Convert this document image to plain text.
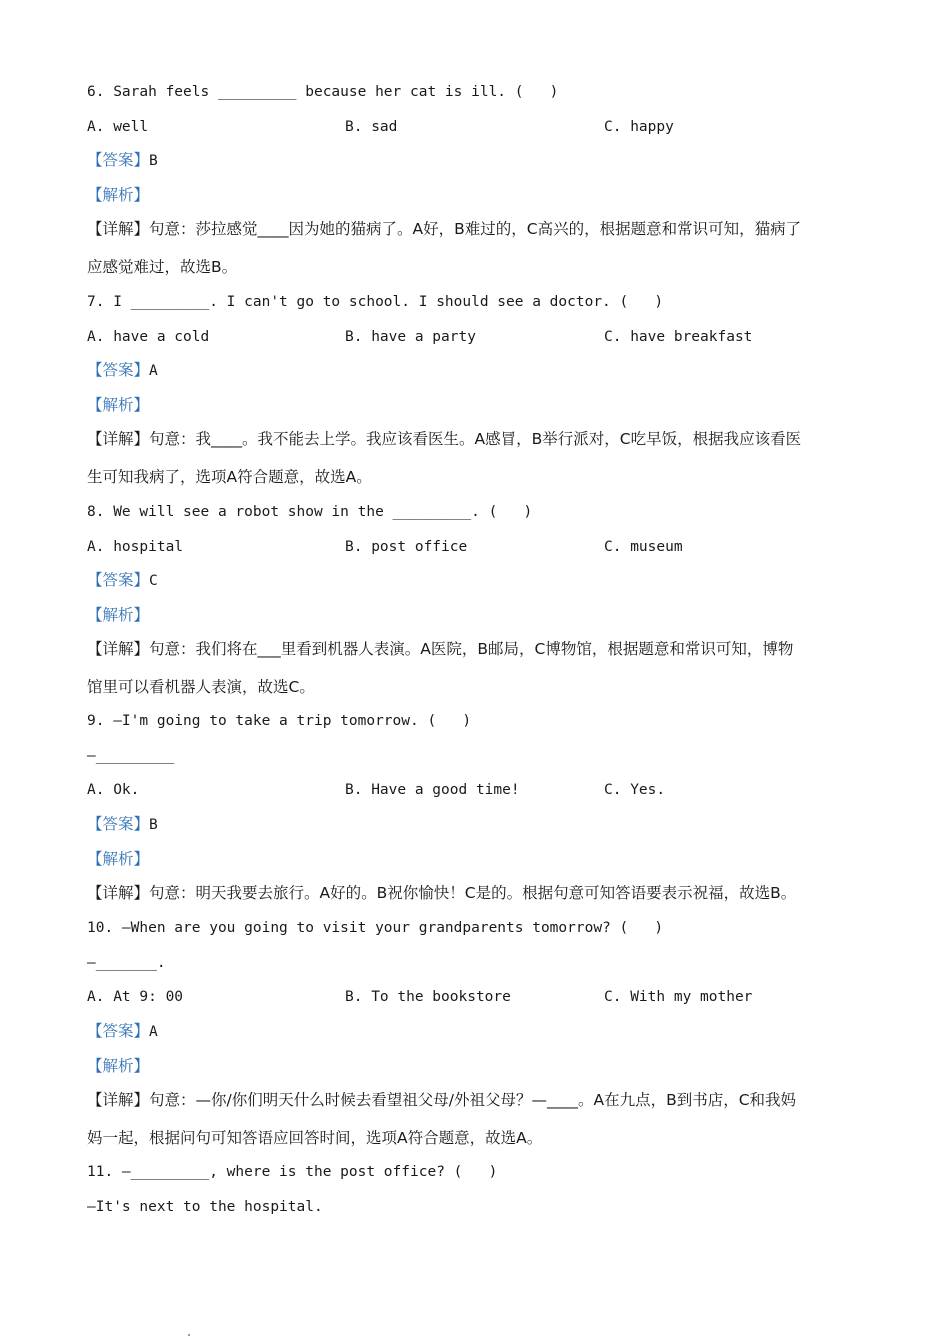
6. Sarah feels _________ because her cat is ill. (   )
A. well	B. sad	C. happy
【答案】B
【解析】
【详解】句意：莎拉感觉____因为她的猫病了。A好，B难过的，C高兴的，根据题意和常识可知，猫病了
应感觉难过，故选B。
7. I _________. I can't go to school. I should see a doctor. (   )
A. have a cold	B. have a party	C. have breakfast
【答案】A
【解析】
【详解】句意：我____。我不能去上学。我应该看医生。A感冒，B举行派对，C吃早饭，根据我应该看医
生可知我病了，选项A符合题意，故选A。
8. We will see a robot show in the _________. (   )
A. hospital	B. post office	C. museum
【答案】C
【解析】
【详解】句意：我们将在___里看到机器人表演。A医院，B邮局，C博物馆，根据题意和常识可知，博物
馆里可以看机器人表演，故选C。
9. —I'm going to take a trip tomorrow. (   )
—_________
A. Ok.	B. Have a good time!	C. Yes.
【答案】B
【解析】
【详解】句意：明天我要去旅行。A好的。B祝你愉快！C是的。根据句意可知答语要表示祝福，故选B。
10. —When are you going to visit your grandparents tomorrow? (   )
—_______.
A. At 9: 00	B. To the bookstore	C. With my mother
【答案】A
【解析】
【详解】句意：—你/你们明天什么时候去看望祖父母/外祖父母？—____。A在九点，B到书店，C和我妈
妈一起，根据问句可知答语应回答时间，选项A符合题意，故选A。
11. —_________, where is the post office? (   )
—It's next to the hospital.
